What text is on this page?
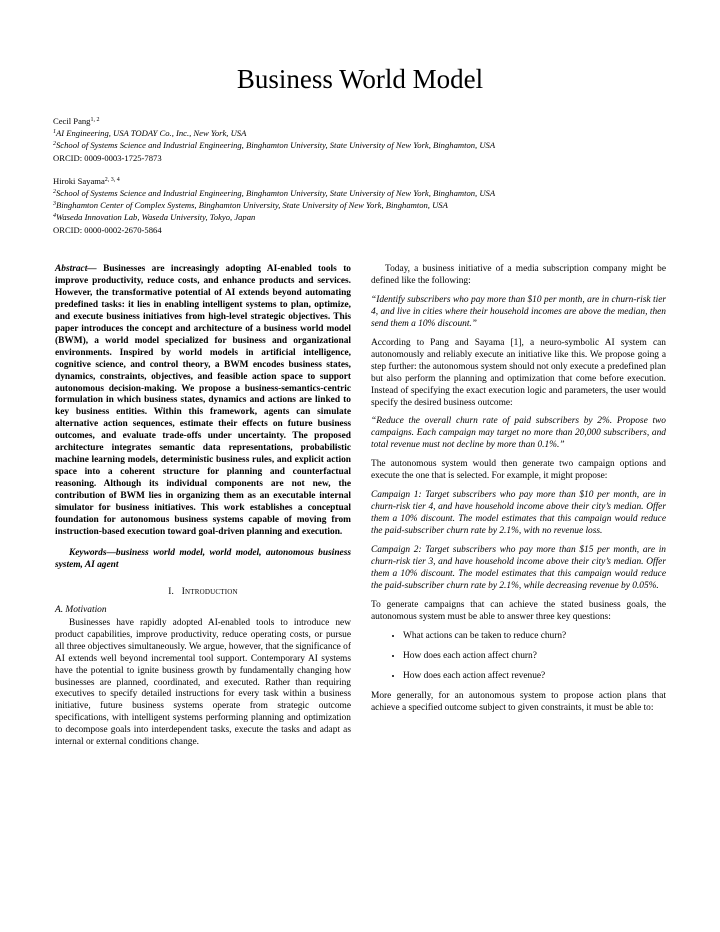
Business World Model
Cecil Pang$^{1, 2}$
$^1$AI Engineering, USA TODAY Co., Inc., New York, USA
$^2$School of Systems Science and Industrial Engineering, Binghamton University, State University of New York, Binghamton, USA
ORCID: 0009-0003-1725-7873
Hiroki Sayama$^{2, 3, 4}$
$^2$School of Systems Science and Industrial Engineering, Binghamton University, State University of New York, Binghamton, USA
$^3$Binghamton Center of Complex Systems, Binghamton University, State University of New York, Binghamton, USA
$^4$Waseda Innovation Lab, Waseda University, Tokyo, Japan
ORCID: 0000-0002-2670-5864

Abstract— Businesses are increasingly adopting AI-enabled tools to improve productivity, reduce costs, and enhance products and services. However, the transformative potential of AI extends beyond automating predefined tasks: it lies in enabling intelligent systems to plan, optimize, and execute business initiatives from high-level strategic objectives. This paper introduces the concept and architecture of a business world model (BWM), a world model specialized for business and organizational environments. Inspired by world models in artificial intelligence, cognitive science, and control theory, a BWM encodes business states, dynamics, constraints, objectives, and feasible action space to support autonomous decision-making. We propose a business-semantics-centric formulation in which business states, dynamics and actions are linked to key business entities. Within this framework, agents can simulate alternative action sequences, estimate their effects on future business outcomes, and evaluate trade-offs under uncertainty. The proposed architecture integrates semantic data representations, probabilistic machine learning models, deterministic business rules, and explicit action space into a coherent structure for planning and counterfactual reasoning. Although its individual components are not new, the contribution of BWM lies in organizing them as an executable internal simulator for business initiatives. This work establishes a conceptual foundation for autonomous business systems capable of moving from instruction-based execution toward goal-driven planning and execution.

Keywords—business world model, world model, autonomous business system, AI agent

I. Introduction
A. Motivation

Businesses have rapidly adopted AI-enabled tools to introduce new product capabilities, improve productivity, reduce operating costs, or pursue all three objectives simultaneously. We argue, however, that the significance of AI extends well beyond incremental tool support. Contemporary AI systems have the potential to ignite business growth by fundamentally changing how businesses are planned, coordinated, and executed. Rather than requiring executives to specify detailed instructions for every task within a business initiative, future business systems operate from strategic outcome specifications, with intelligent systems performing planning and optimization to decompose goals into interdependent tasks, execute the tasks and adapt as internal or external conditions change.

Today, a business initiative of a media subscription company might be defined like the following:

“Identify subscribers who pay more than $10 per month, are in churn-risk tier 4, and live in cities where their household incomes are above the median, then send them a 10% discount.”

According to Pang and Sayama [1], a neuro-symbolic AI system can autonomously and reliably execute an initiative like this. We propose going a step further: the autonomous system should not only execute a predefined plan but also perform the planning and optimization that come before execution. Instead of specifying the exact execution logic and parameters, the user would specify the desired business outcome:

“Reduce the overall churn rate of paid subscribers by 2%. Propose two campaigns. Each campaign may target no more than 20,000 subscribers, and total revenue must not decline by more than 0.1%.”

The autonomous system would then generate two campaign options and execute the one that is selected. For example, it might propose:

Campaign 1: Target subscribers who pay more than $10 per month, are in churn-risk tier 4, and have household income above their city’s median. Offer them a 10% discount. The model estimates that this campaign would reduce the paid-subscriber churn rate by 2.1%, with no revenue loss.

Campaign 2: Target subscribers who pay more than $15 per month, are in churn-risk tier 3, and have household income above their city’s median. Offer them a 10% discount. The model estimates that this campaign would reduce the paid-subscriber churn rate by 2.1%, while decreasing revenue by 0.05%.

To generate campaigns that can achieve the stated business goals, the autonomous system must be able to answer three key questions:

• What actions can be taken to reduce churn?
• How does each action affect churn?
• How does each action affect revenue?

More generally, for an autonomous system to propose action plans that achieve a specified outcome subject to given constraints, it must be able to:
